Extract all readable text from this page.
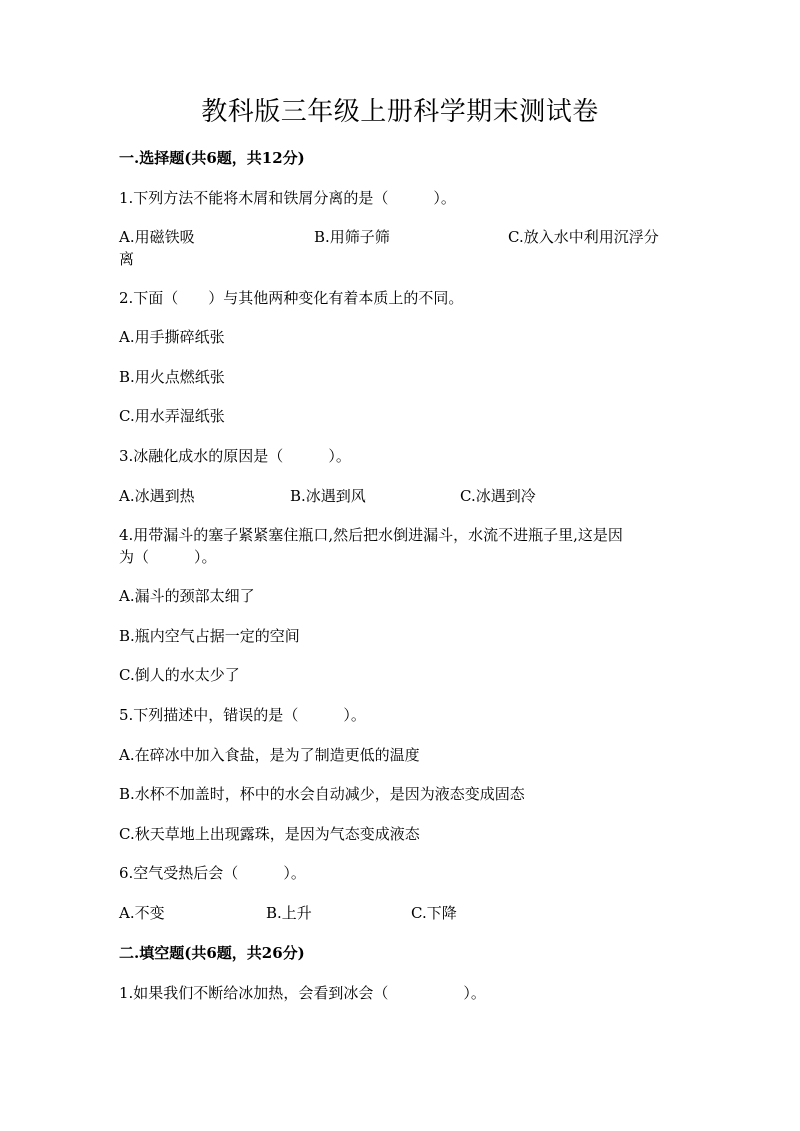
教科版三年级上册科学期末测试卷
一.选择题(共6题，共12分)
1.下列方法不能将木屑和铁屑分离的是（　　　）。
A.用磁铁吸	B.用筛子筛	C.放入水中利用沉浮分
离
2.下面（　　）与其他两种变化有着本质上的不同。
A.用手撕碎纸张
B.用火点燃纸张
C.用水弄湿纸张
3.冰融化成水的原因是（　　　）。
A.冰遇到热	B.冰遇到风	C.冰遇到冷
4.用带漏斗的塞子紧紧塞住瓶口,然后把水倒进漏斗，水流不进瓶子里,这是因
为（　　　）。
A.漏斗的颈部太细了
B.瓶内空气占据一定的空间
C.倒人的水太少了
5.下列描述中，错误的是（　　　）。
A.在碎冰中加入食盐，是为了制造更低的温度
B.水杯不加盖时，杯中的水会自动减少，是因为液态变成固态
C.秋天草地上出现露珠，是因为气态变成液态
6.空气受热后会（　　　）。
A.不变	B.上升	C.下降
二.填空题(共6题，共26分)
1.如果我们不断给冰加热，会看到冰会（　　　　　）。
